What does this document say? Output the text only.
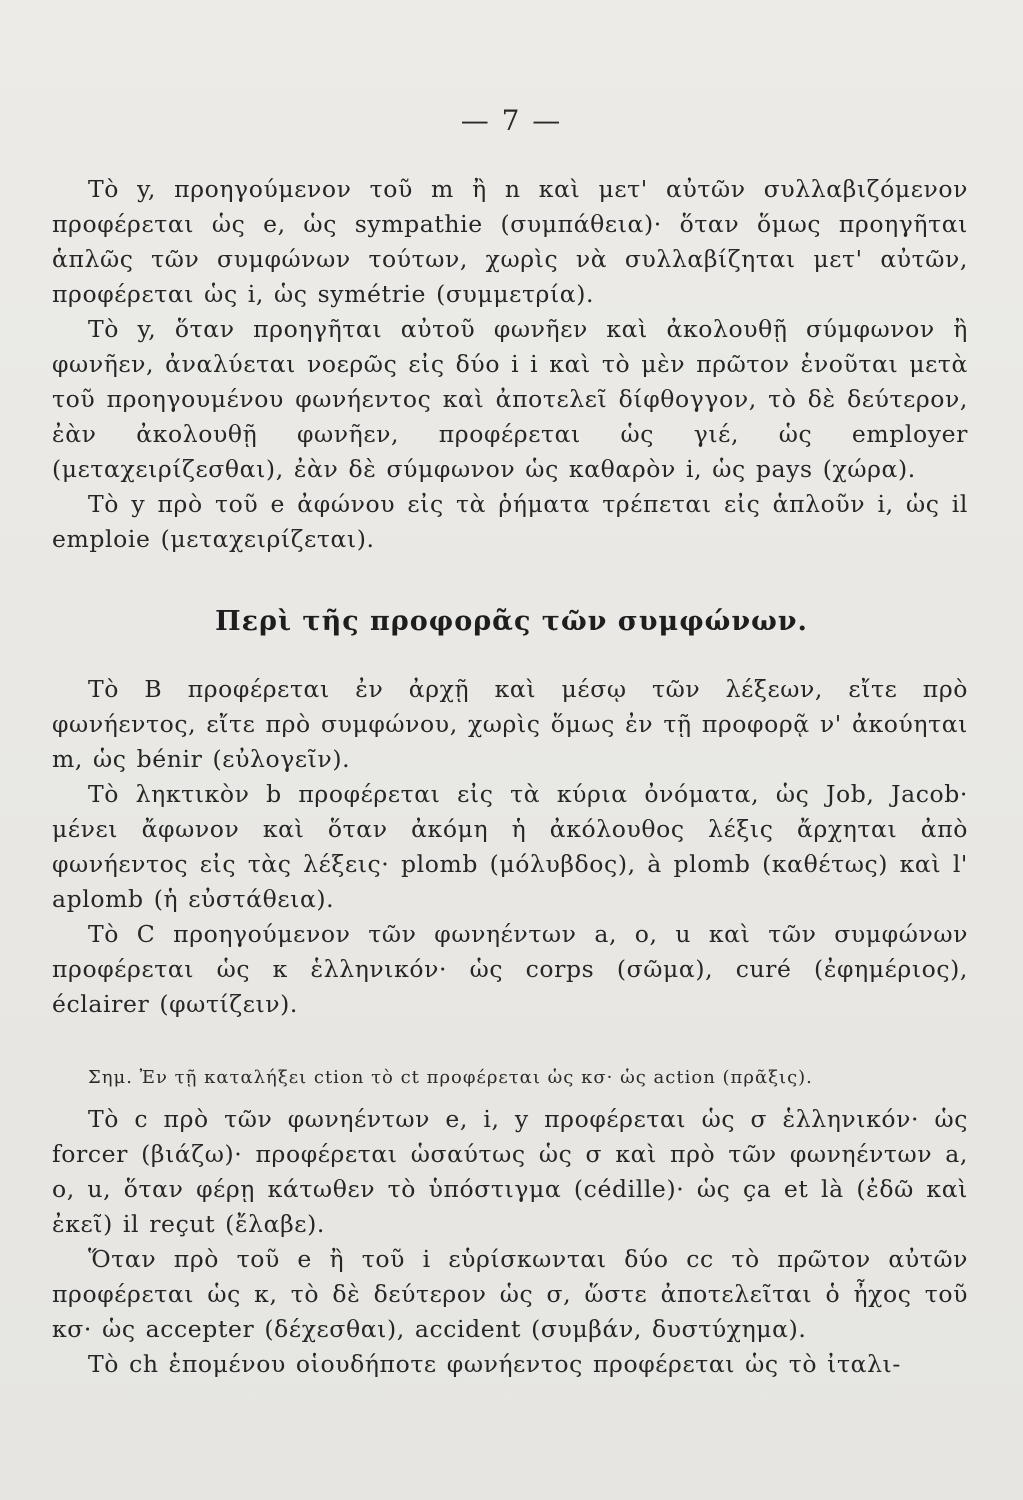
— 7 —

Τὸ y, προηγούμενον τοῦ m ἢ n καὶ μετ' αὐτῶν συλλαβιζόμενον προφέρεται ὡς e, ὡς sympathie (συμπάθεια)· ὅταν ὅμως προηγῆται ἁπλῶς τῶν συμφώνων τούτων, χωρὶς νὰ συλλαβίζηται μετ' αὐτῶν, προφέρεται ὡς i, ὡς symétrie (συμμετρία).

Τὸ y, ὅταν προηγῆται αὐτοῦ φωνῆεν καὶ ἀκολουθῇ σύμφωνον ἢ φωνῆεν, ἀναλύεται νοερῶς εἰς δύο i i καὶ τὸ μὲν πρῶτον ἑνοῦται μετὰ τοῦ προηγουμένου φωνήεντος καὶ ἀποτελεῖ δίφθογγον, τὸ δὲ δεύτερον, ἐὰν ἀκολουθῇ φωνῆεν, προφέρεται ὡς γιέ, ὡς employer (μεταχειρίζεσθαι), ἐὰν δὲ σύμφωνον ὡς καθαρὸν i, ὡς pays (χώρα).

Τὸ y πρὸ τοῦ e ἀφώνου εἰς τὰ ῥήματα τρέπεται εἰς ἁπλοῦν i, ὡς il emploie (μεταχειρίζεται).

Περὶ τῆς προφορᾶς τῶν συμφώνων.

Τὸ B προφέρεται ἐν ἀρχῇ καὶ μέσῳ τῶν λέξεων, εἴτε πρὸ φωνήεντος, εἴτε πρὸ συμφώνου, χωρὶς ὅμως ἐν τῇ προφορᾷ ν' ἀκούηται m, ὡς bénir (εὐλογεῖν).

Τὸ ληκτικὸν b προφέρεται εἰς τὰ κύρια ὀνόματα, ὡς Job, Jacob· μένει ἄφωνον καὶ ὅταν ἀκόμη ἡ ἀκόλουθος λέξις ἄρχηται ἀπὸ φωνήεντος εἰς τὰς λέξεις· plomb (μόλυβδος), à plomb (καθέτως) καὶ l' aplomb (ἡ εὐστάθεια).

Τὸ C προηγούμενον τῶν φωνηέντων a, o, u καὶ τῶν συμφώνων προφέρεται ὡς κ ἑλληνικόν· ὡς corps (σῶμα), curé (ἐφημέριος), éclairer (φωτίζειν).

Σημ. Ἐν τῇ καταλήξει ction τὸ ct προφέρεται ὡς κσ· ὡς action (πρᾶξις).

Τὸ c πρὸ τῶν φωνηέντων e, i, y προφέρεται ὡς σ ἑλληνικόν· ὡς forcer (βιάζω)· προφέρεται ὡσαύτως ὡς σ καὶ πρὸ τῶν φωνηέντων a, o, u, ὅταν φέρῃ κάτωθεν τὸ ὑπόστιγμα (cédille)· ὡς ça et là (ἐδῶ καὶ ἐκεῖ) il reçut (ἔλαβε).

Ὅταν πρὸ τοῦ e ἢ τοῦ i εὑρίσκωνται δύο cc τὸ πρῶτον αὐτῶν προφέρεται ὡς κ, τὸ δὲ δεύτερον ὡς σ, ὥστε ἀποτελεῖται ὁ ἦχος τοῦ κσ· ὡς accepter (δέχεσθαι), accident (συμβάν, δυστύχημα).

Τὸ ch ἑπομένου οἱουδήποτε φωνήεντος προφέρεται ὡς τὸ ἰταλι-
